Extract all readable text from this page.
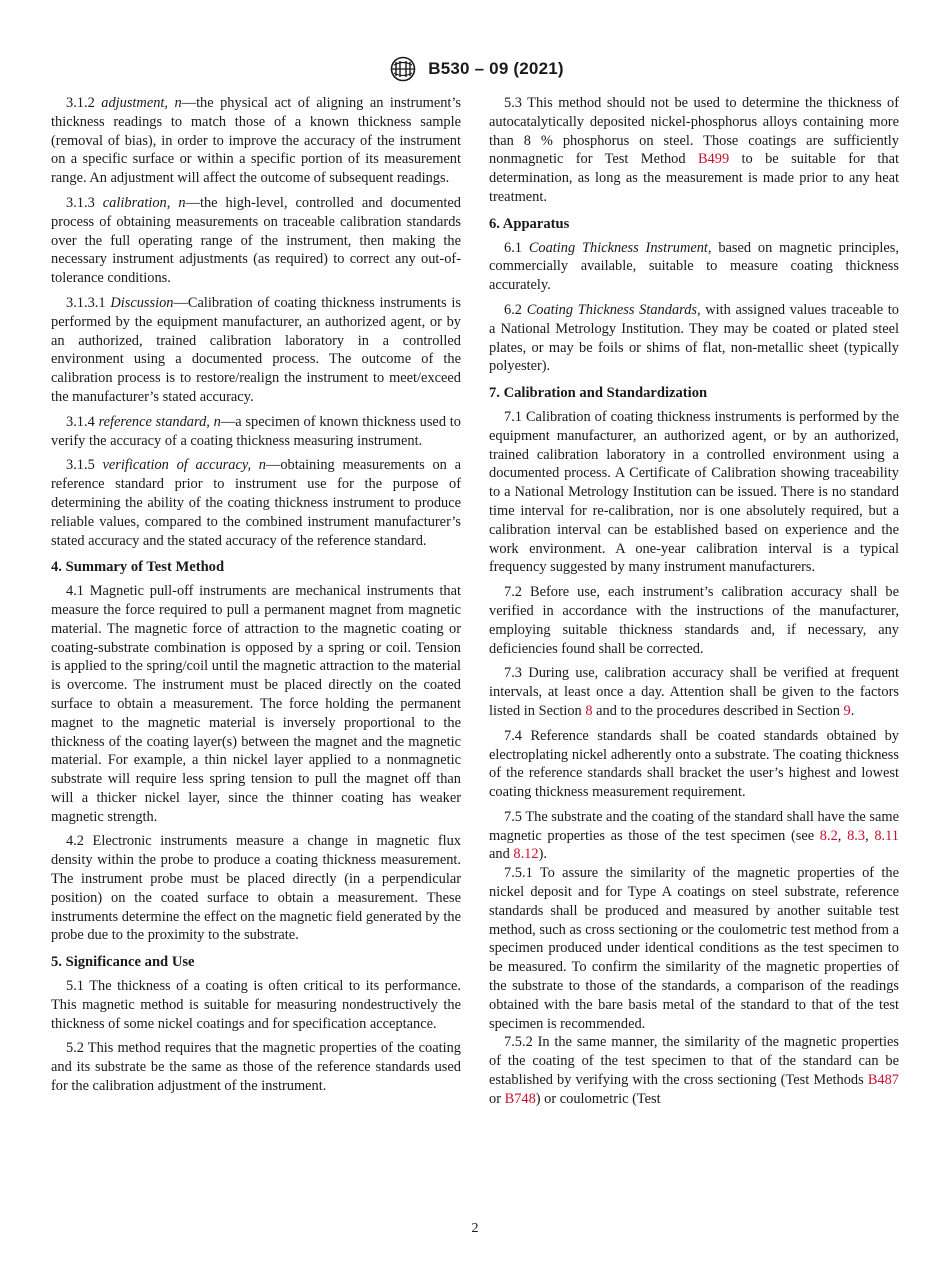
B530 – 09 (2021)

3.1.2 adjustment, n—the physical act of aligning an instrument’s thickness readings to match those of a known thickness sample (removal of bias), in order to improve the accuracy of the instrument on a specific surface or within a specific portion of its measurement range. An adjustment will affect the outcome of subsequent readings.

3.1.3 calibration, n—the high-level, controlled and documented process of obtaining measurements on traceable calibration standards over the full operating range of the instrument, then making the necessary instrument adjustments (as required) to correct any out-of-tolerance conditions.

3.1.3.1 Discussion—Calibration of coating thickness instruments is performed by the equipment manufacturer, an authorized agent, or by an authorized, trained calibration laboratory in a controlled environment using a documented process. The outcome of the calibration process is to restore/realign the instrument to meet/exceed the manufacturer’s stated accuracy.

3.1.4 reference standard, n—a specimen of known thickness used to verify the accuracy of a coating thickness measuring instrument.

3.1.5 verification of accuracy, n—obtaining measurements on a reference standard prior to instrument use for the purpose of determining the ability of the coating thickness instrument to produce reliable values, compared to the combined instrument manufacturer’s stated accuracy and the stated accuracy of the reference standard.

4. Summary of Test Method

4.1 Magnetic pull-off instruments are mechanical instruments that measure the force required to pull a permanent magnet from magnetic material. The magnetic force of attraction to the magnetic coating or coating-substrate combination is opposed by a spring or coil. Tension is applied to the spring/coil until the magnetic attraction to the material is overcome. The instrument must be placed directly on the coated surface to obtain a measurement. The force holding the permanent magnet to the magnetic material is inversely proportional to the thickness of the coating layer(s) between the magnet and the magnetic material. For example, a thin nickel layer applied to a nonmagnetic substrate will require less spring tension to pull the magnet off than will a thicker nickel layer, since the thinner coating has weaker magnetic strength.

4.2 Electronic instruments measure a change in magnetic flux density within the probe to produce a coating thickness measurement. The instrument probe must be placed directly (in a perpendicular position) on the coated surface to obtain a measurement. These instruments determine the effect on the magnetic field generated by the probe due to the proximity to the substrate.

5. Significance and Use

5.1 The thickness of a coating is often critical to its performance. This magnetic method is suitable for measuring nondestructively the thickness of some nickel coatings and for specification acceptance.

5.2 This method requires that the magnetic properties of the coating and its substrate be the same as those of the reference standards used for the calibration adjustment of the instrument.

5.3 This method should not be used to determine the thickness of autocatalytically deposited nickel-phosphorus alloys containing more than 8 % phosphorus on steel. Those coatings are sufficiently nonmagnetic for Test Method B499 to be suitable for that determination, as long as the measurement is made prior to any heat treatment.

6. Apparatus

6.1 Coating Thickness Instrument, based on magnetic principles, commercially available, suitable to measure coating thickness accurately.

6.2 Coating Thickness Standards, with assigned values traceable to a National Metrology Institution. They may be coated or plated steel plates, or may be foils or shims of flat, non-metallic sheet (typically polyester).

7. Calibration and Standardization

7.1 Calibration of coating thickness instruments is performed by the equipment manufacturer, an authorized agent, or by an authorized, trained calibration laboratory in a controlled environment using a documented process. A Certificate of Calibration showing traceability to a National Metrology Institution can be issued. There is no standard time interval for re-calibration, nor is one absolutely required, but a calibration interval can be established based on experience and the work environment. A one-year calibration interval is a typical frequency suggested by many instrument manufacturers.

7.2 Before use, each instrument’s calibration accuracy shall be verified in accordance with the instructions of the manufacturer, employing suitable thickness standards and, if necessary, any deficiencies found shall be corrected.

7.3 During use, calibration accuracy shall be verified at frequent intervals, at least once a day. Attention shall be given to the factors listed in Section 8 and to the procedures described in Section 9.

7.4 Reference standards shall be coated standards obtained by electroplating nickel adherently onto a substrate. The coating thickness of the reference standards shall bracket the user’s highest and lowest coating thickness measurement requirement.

7.5 The substrate and the coating of the standard shall have the same magnetic properties as those of the test specimen (see 8.2, 8.3, 8.11 and 8.12).

7.5.1 To assure the similarity of the magnetic properties of the nickel deposit and for Type A coatings on steel substrate, reference standards shall be produced and measured by another suitable test method, such as cross sectioning or the coulometric test method from a specimen produced under identical conditions as the test specimen to be measured. To confirm the similarity of the magnetic properties of the substrate to those of the standards, a comparison of the readings obtained with the bare basis metal of the standard to that of the test specimen is recommended.

7.5.2 In the same manner, the similarity of the magnetic properties of the coating of the test specimen to that of the standard can be established by verifying with the cross sectioning (Test Methods B487 or B748) or coulometric (Test

2
